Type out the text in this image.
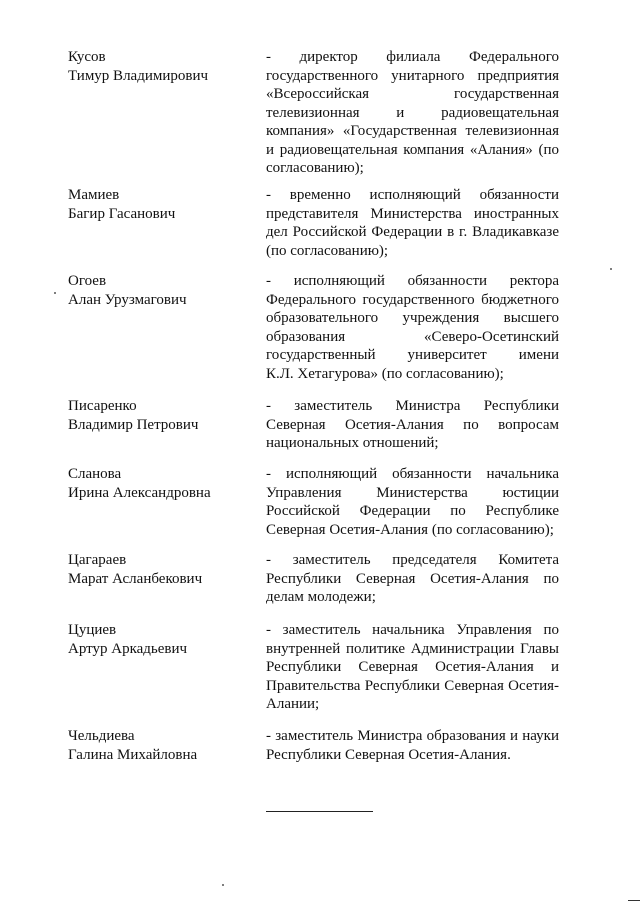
Кусов
Тимур Владимирович
- директор филиала Федерального
государственного унитарного предприятия
«Всероссийская государственная
телевизионная и радиовещательная
компания» «Государственная телевизионная
и радиовещательная компания «Алания» (по
согласованию);
Мамиев
Багир Гасанович
- временно исполняющий обязанности
представителя Министерства иностранных
дел Российской Федерации в г. Владикавказе
(по согласованию);
Огоев
Алан Урузмагович
- исполняющий обязанности ректора
Федерального государственного бюджетного
образовательного учреждения высшего
образования «Северо-Осетинский
государственный университет имени
К.Л. Хетагурова» (по согласованию);
Писаренко
Владимир Петрович
- заместитель Министра Республики
Северная Осетия-Алания по вопросам
национальных отношений;
Сланова
Ирина Александровна
- исполняющий обязанности начальника
Управления Министерства юстиции
Российской Федерации по Республике
Северная Осетия-Алания (по согласованию);
Цагараев
Марат Асланбекович
- заместитель председателя Комитета
Республики Северная Осетия-Алания по
делам молодежи;
Цуциев
Артур Аркадьевич
- заместитель начальника Управления по
внутренней политике Администрации Главы
Республики Северная Осетия-Алания и
Правительства Республики Северная Осетия-
Алании;
Чельдиева
Галина Михайловна
- заместитель Министра образования и науки
Республики Северная Осетия-Алания.
